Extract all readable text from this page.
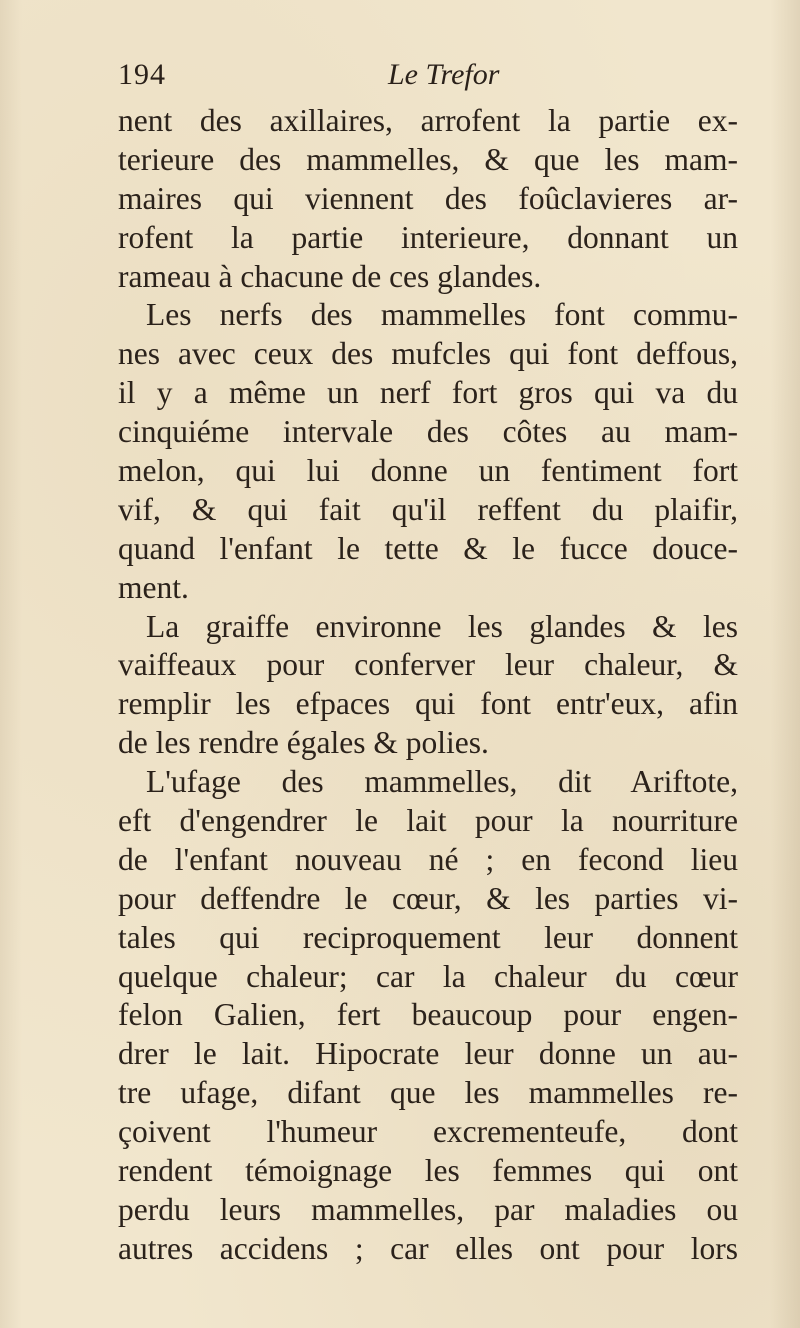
194	Le Trefor
nent des axillaires, arrofent la partie ex-
terieure des mammelles, & que les mam-
maires qui viennent des foûclavieres ar-
rofent la partie interieure, donnant un
rameau à chacune de ces glandes.
Les nerfs des mammelles font commu-
nes avec ceux des mufcles qui font deffous,
il y a même un nerf fort gros qui va du
cinquiéme intervale des côtes au mam-
melon, qui lui donne un fentiment fort
vif, & qui fait qu'il reffent du plaifir,
quand l'enfant le tette & le fucce douce-
ment.
La graiffe environne les glandes & les
vaiffeaux pour conferver leur chaleur, &
remplir les efpaces qui font entr'eux, afin
de les rendre égales & polies.
L'ufage des mammelles, dit Ariftote,
eft d'engendrer le lait pour la nourriture
de l'enfant nouveau né ; en fecond lieu
pour deffendre le cœur, & les parties vi-
tales qui reciproquement leur donnent
quelque chaleur; car la chaleur du cœur
felon Galien, fert beaucoup pour engen-
drer le lait. Hipocrate leur donne un au-
tre ufage, difant que les mammelles re-
çoivent l'humeur excrementeufe, dont
rendent témoignage les femmes qui ont
perdu leurs mammelles, par maladies ou
autres accidens ; car elles ont pour lors
